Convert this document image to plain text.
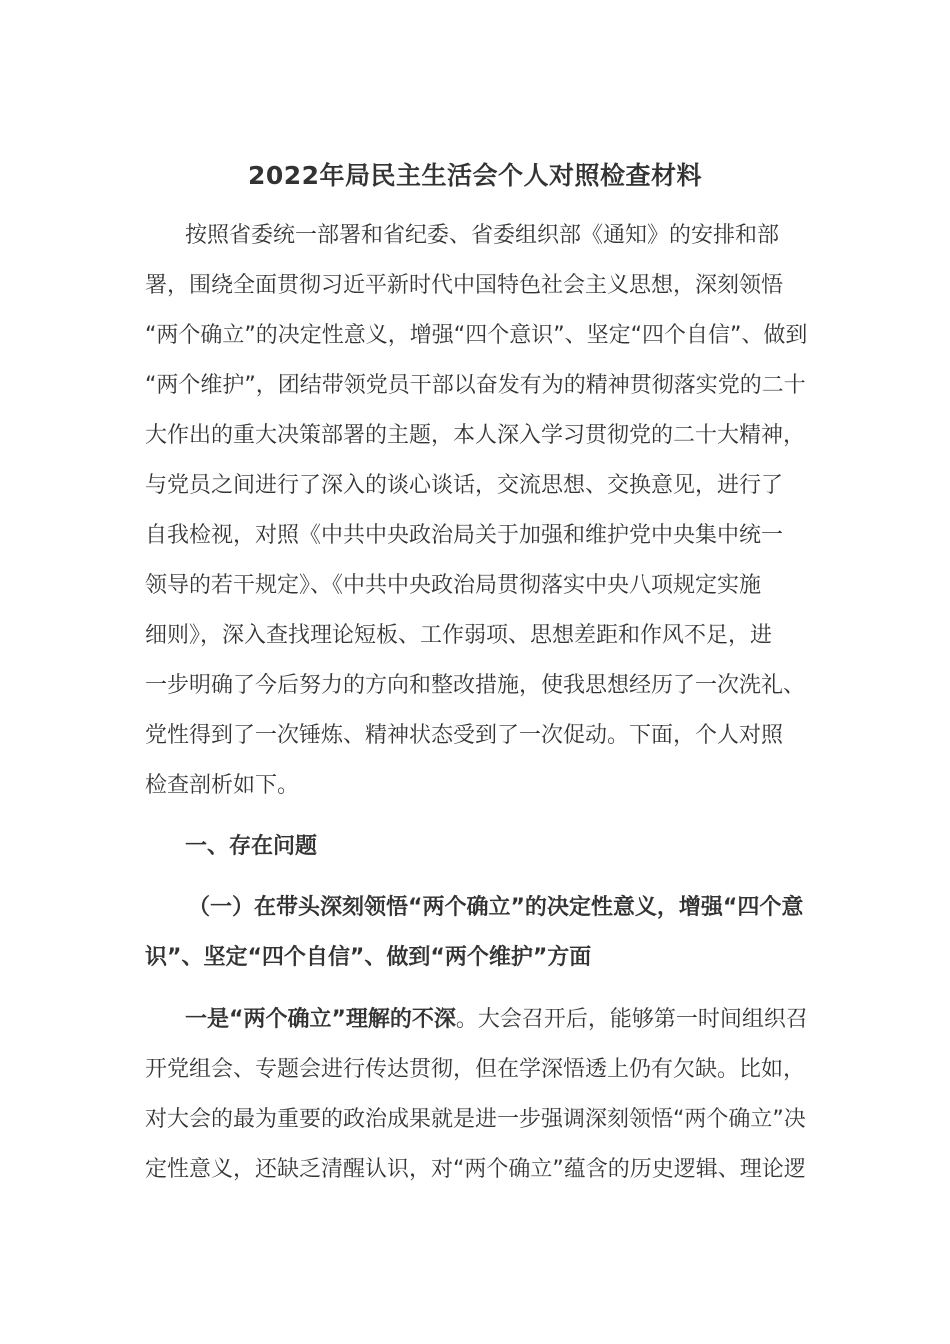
2022年局民主生活会个人对照检查材料
按照省委统一部署和省纪委、省委组织部《通知》的安排和部
署，围绕全面贯彻习近平新时代中国特色社会主义思想，深刻领悟
“两个确立”的决定性意义，增强“四个意识”、坚定“四个自信”、做到
“两个维护”，团结带领党员干部以奋发有为的精神贯彻落实党的二十
大作出的重大决策部署的主题，本人深入学习贯彻党的二十大精神，
与党员之间进行了深入的谈心谈话，交流思想、交换意见，进行了
自我检视，对照《中共中央政治局关于加强和维护党中央集中统一
领导的若干规定》、《中共中央政治局贯彻落实中央八项规定实施
细则》，深入查找理论短板、工作弱项、思想差距和作风不足，进
一步明确了今后努力的方向和整改措施，使我思想经历了一次洗礼、
党性得到了一次锤炼、精神状态受到了一次促动。下面，个人对照
检查剖析如下。
一、存在问题
（一）在带头深刻领悟“两个确立”的决定性意义，增强“四个意
识”、坚定“四个自信”、做到“两个维护”方面
一是“两个确立”理解的不深。大会召开后，能够第一时间组织召
开党组会、专题会进行传达贯彻，但在学深悟透上仍有欠缺。比如，
对大会的最为重要的政治成果就是进一步强调深刻领悟“两个确立”决
定性意义，还缺乏清醒认识，对“两个确立”蕴含的历史逻辑、理论逻
